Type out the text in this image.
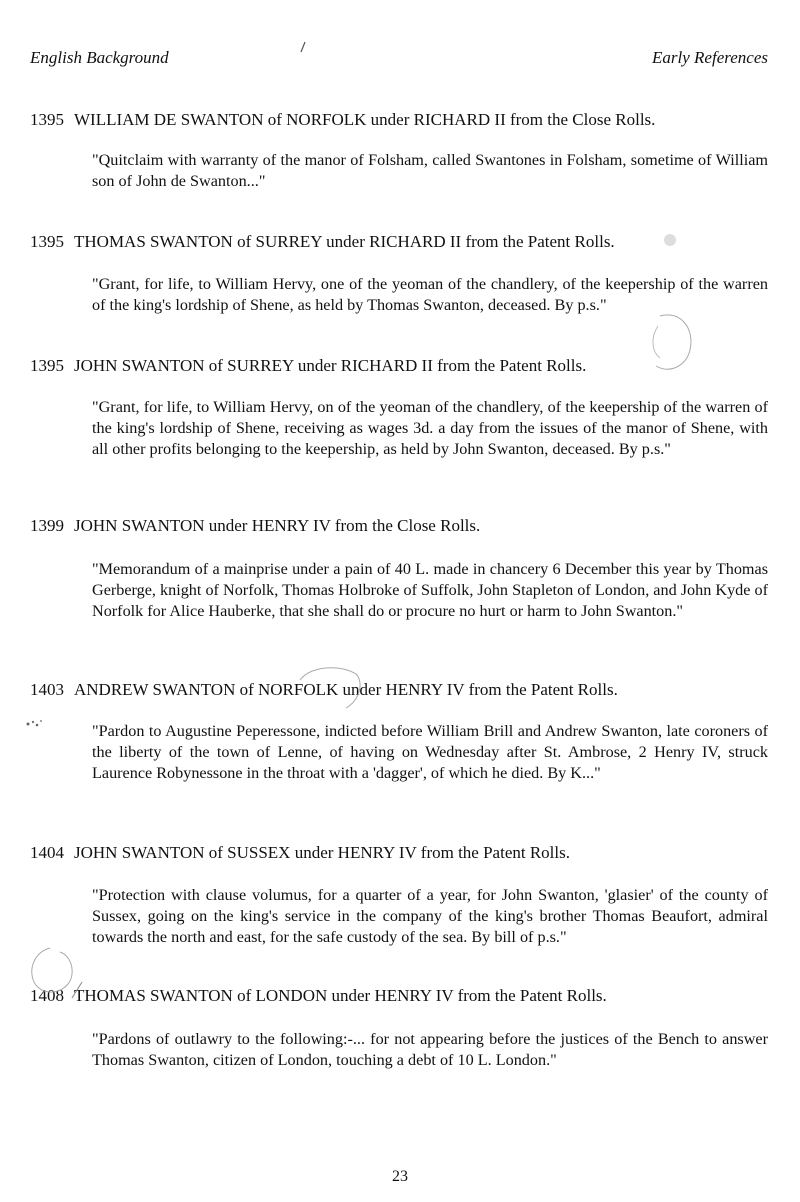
English Background	Early References
1395 WILLIAM DE SWANTON of NORFOLK under RICHARD II from the Close Rolls.
"Quitclaim with warranty of the manor of Folsham, called Swantones in Folsham, sometime of William son of John de Swanton..."
1395 THOMAS SWANTON of SURREY under RICHARD II from the Patent Rolls.
"Grant, for life, to William Hervy, one of the yeoman of the chandlery, of the keepership of the warren of the king's lordship of Shene, as held by Thomas Swanton, deceased. By p.s."
1395 JOHN SWANTON of SURREY under RICHARD II from the Patent Rolls.
"Grant, for life, to William Hervy, on of the yeoman of the chandlery, of the keepership of the warren of the king's lordship of Shene, receiving as wages 3d. a day from the issues of the manor of Shene, with all other profits belonging to the keepership, as held by John Swanton, deceased. By p.s."
1399 JOHN SWANTON under HENRY IV from the Close Rolls.
"Memorandum of a mainprise under a pain of 40 L. made in chancery 6 December this year by Thomas Gerberge, knight of Norfolk, Thomas Holbroke of Suffolk, John Stapleton of London, and John Kyde of Norfolk for Alice Hauberke, that she shall do or procure no hurt or harm to John Swanton."
1403 ANDREW SWANTON of NORFOLK under HENRY IV from the Patent Rolls.
"Pardon to Augustine Peperessone, indicted before William Brill and Andrew Swanton, late coroners of the liberty of the town of Lenne, of having on Wednesday after St. Ambrose, 2 Henry IV, struck Laurence Robynessone in the throat with a 'dagger', of which he died. By K..."
1404 JOHN SWANTON of SUSSEX under HENRY IV from the Patent Rolls.
"Protection with clause volumus, for a quarter of a year, for John Swanton, 'glasier' of the county of Sussex, going on the king's service in the company of the king's brother Thomas Beaufort, admiral towards the north and east, for the safe custody of the sea. By bill of p.s."
1408 THOMAS SWANTON of LONDON under HENRY IV from the Patent Rolls.
"Pardons of outlawry to the following:-... for not appearing before the justices of the Bench to answer Thomas Swanton, citizen of London, touching a debt of 10 L. London."
23
